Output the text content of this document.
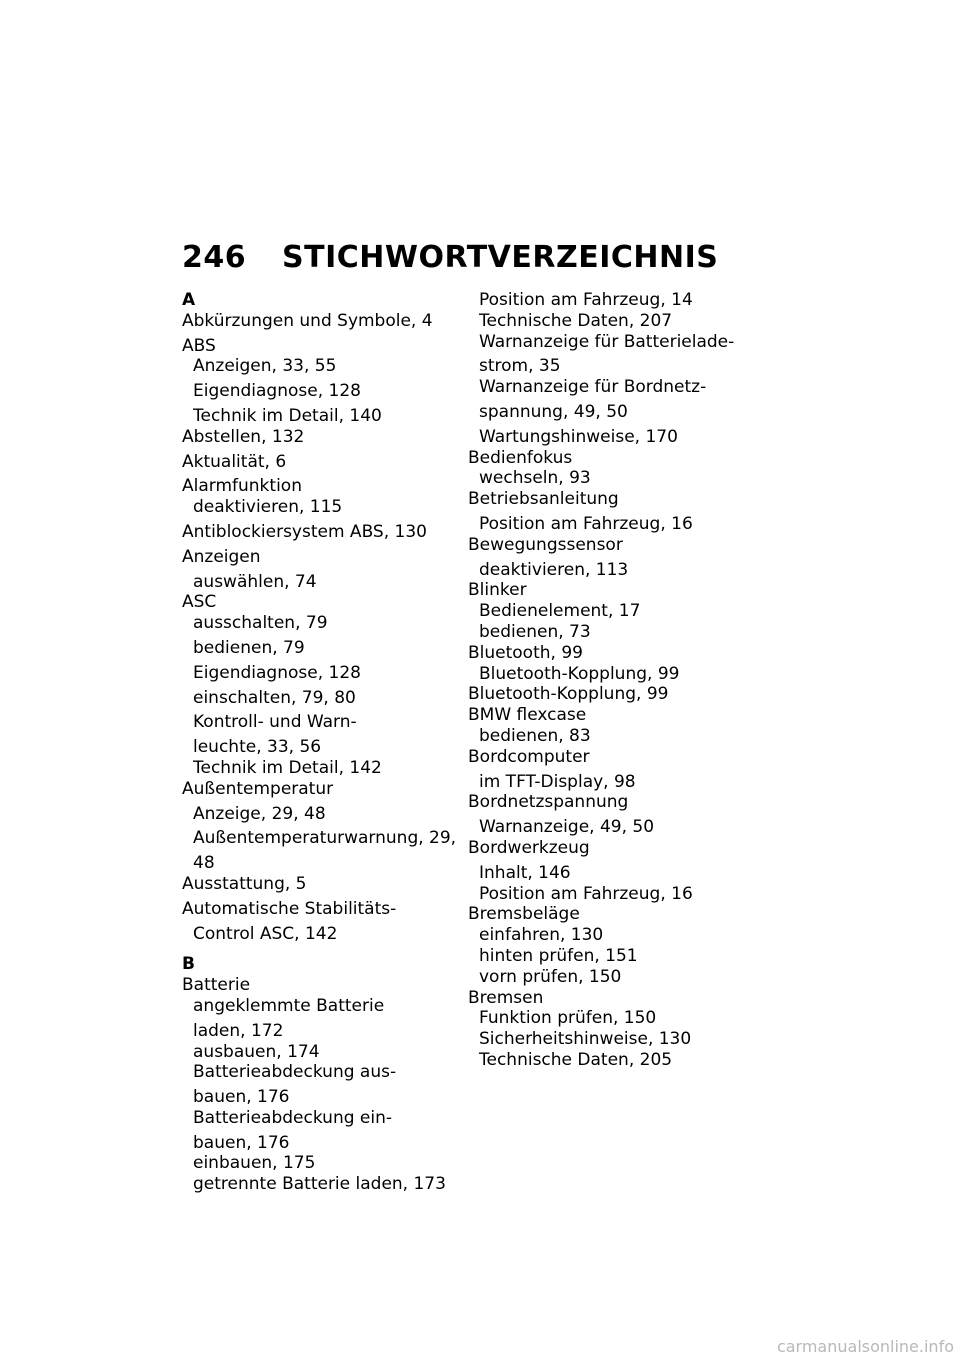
246 STICHWORTVERZEICHNIS
A
Abkürzungen und Symbole, 4
ABS
Anzeigen, 33, 55
Eigendiagnose, 128
Technik im Detail, 140
Abstellen, 132
Aktualität, 6
Alarmfunktion
deaktivieren, 115
Antiblockiersystem ABS, 130
Anzeigen
auswählen, 74
ASC
ausschalten, 79
bedienen, 79
Eigendiagnose, 128
einschalten, 79, 80
Kontroll- und Warn-
leuchte, 33, 56
Technik im Detail, 142
Außentemperatur
Anzeige, 29, 48
Außentemperaturwarnung, 29,
48
Ausstattung, 5
Automatische Stabilitäts-
Control ASC, 142
B
Batterie
angeklemmte Batterie
laden, 172
ausbauen, 174
Batterieabdeckung aus-
bauen, 176
Batterieabdeckung ein-
bauen, 176
einbauen, 175
getrennte Batterie laden, 173
Position am Fahrzeug, 14
Technische Daten, 207
Warnanzeige für Batterielade-
strom, 35
Warnanzeige für Bordnetz-
spannung, 49, 50
Wartungshinweise, 170
Bedienfokus
wechseln, 93
Betriebsanleitung
Position am Fahrzeug, 16
Bewegungssensor
deaktivieren, 113
Blinker
Bedienelement, 17
bedienen, 73
Bluetooth, 99
Bluetooth-Kopplung, 99
Bluetooth-Kopplung, 99
BMW flexcase
bedienen, 83
Bordcomputer
im TFT-Display, 98
Bordnetzspannung
Warnanzeige, 49, 50
Bordwerkzeug
Inhalt, 146
Position am Fahrzeug, 16
Bremsbeläge
einfahren, 130
hinten prüfen, 151
vorn prüfen, 150
Bremsen
Funktion prüfen, 150
Sicherheitshinweise, 130
Technische Daten, 205
carmanualsonline.info
